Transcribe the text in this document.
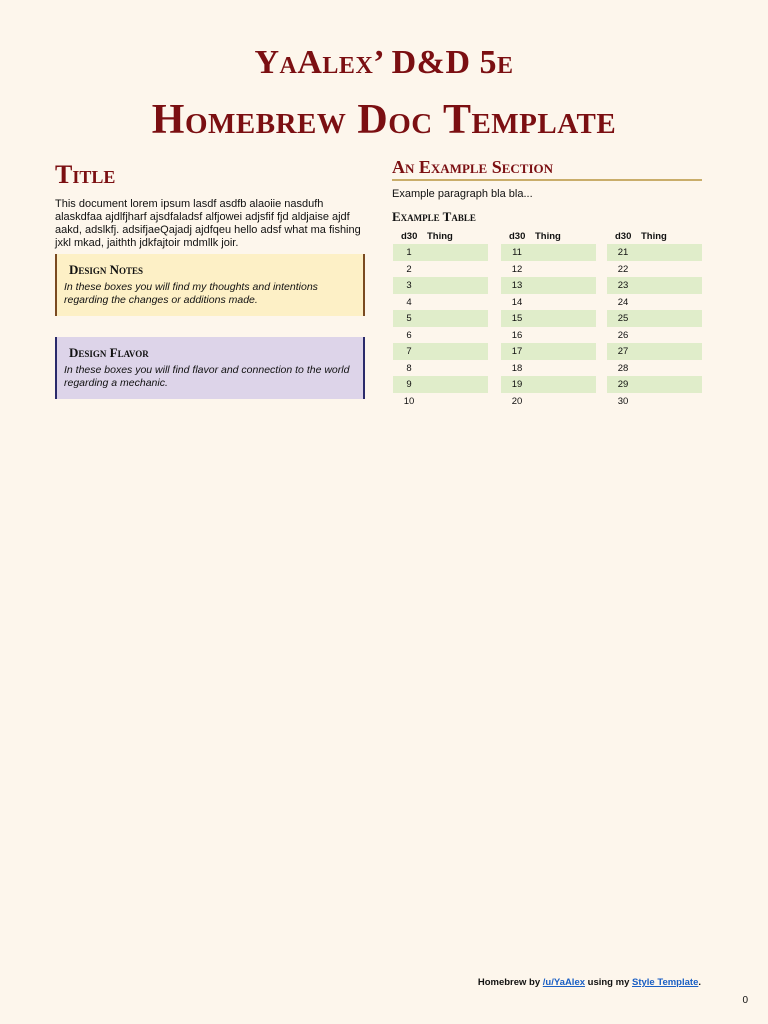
YaAlex’ D&D 5e
Homebrew Doc Template
Title

This document lorem ipsum lasdf asdfb alaoiie nasdufh alaskdfaa ajdlfjharf ajsdfaladsf alfjowei adjsfif fjd aldjaise ajdf aakd, adslkfj. adsifjaeQajadj ajdfqeu hello adsf what ma fishing jxkl mkad, jaithth jdkfajtoir mdmllk joir.

Design Notes
In these boxes you will find my thoughts and intentions regarding the changes or additions made.
Design Flavor
In these boxes you will find flavor and connection to the world regarding a mechanic.
An Example Section

Example paragraph bla bla...

Example Table
d30 Thing
1
2
3
4
5
6
7
8
9
10
d30 Thing
11
12
13
14
15
16
17
18
19
20
d30 Thing
21
22
23
24
25
26
27
28
29
30
Homebrew by /u/YaAlex using my Style Template.
0
